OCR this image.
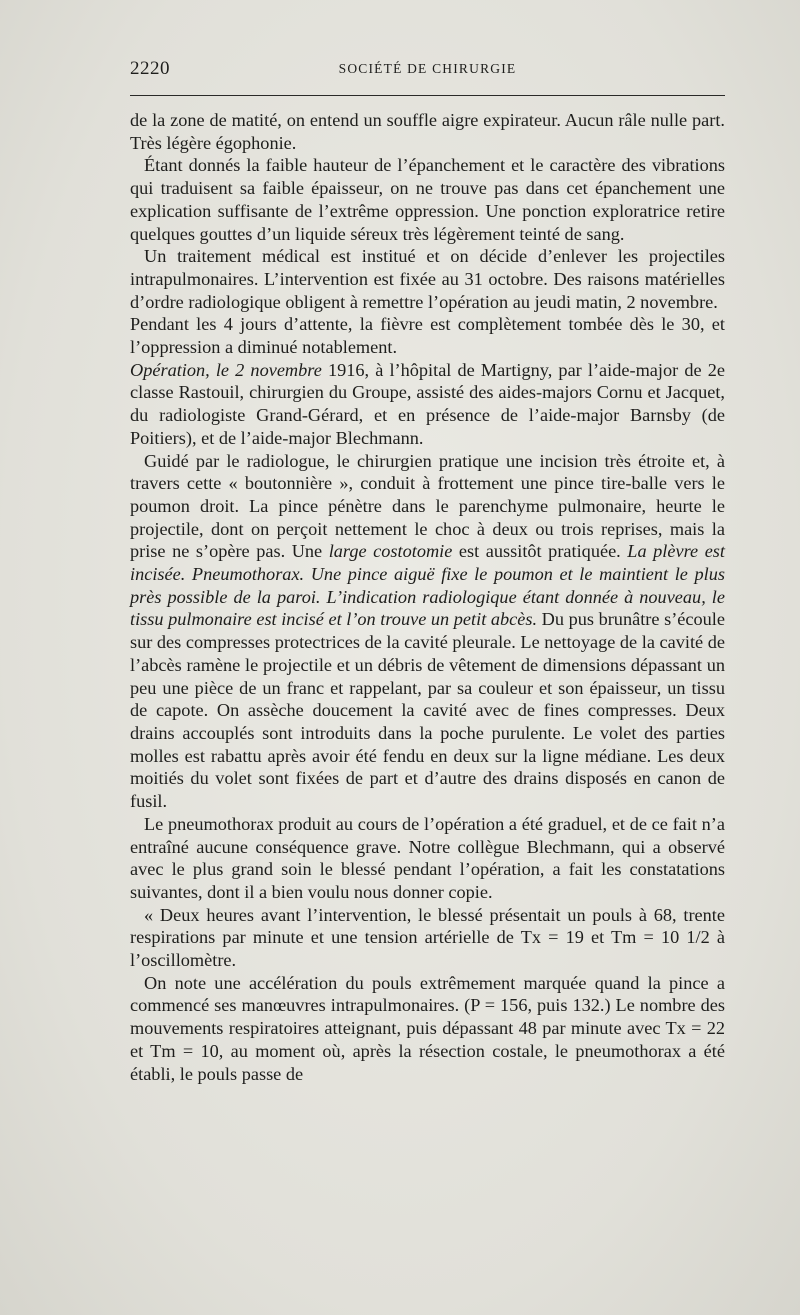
2220	SOCIÉTÉ DE CHIRURGIE

de la zone de matité, on entend un souffle aigre expirateur. Aucun râle nulle part. Très légère égophonie.

Étant donnés la faible hauteur de l’épanchement et le caractère des vibrations qui traduisent sa faible épaisseur, on ne trouve pas dans cet épanchement une explication suffisante de l’extrême oppression. Une ponction exploratrice retire quelques gouttes d’un liquide séreux très légèrement teinté de sang.

Un traitement médical est institué et on décide d’enlever les projectiles intrapulmonaires. L’intervention est fixée au 31 octobre. Des raisons matérielles d’ordre radiologique obligent à remettre l’opération au jeudi matin, 2 novembre.

Pendant les 4 jours d’attente, la fièvre est complètement tombée dès le 30, et l’oppression a diminué notablement.

Opération, le 2 novembre 1916, à l’hôpital de Martigny, par l’aide-major de 2e classe Rastouil, chirurgien du Groupe, assisté des aides-majors Cornu et Jacquet, du radiologiste Grand-Gérard, et en présence de l’aide-major Barnsby (de Poitiers), et de l’aide-major Blechmann.

Guidé par le radiologue, le chirurgien pratique une incision très étroite et, à travers cette « boutonnière », conduit à frottement une pince tire-balle vers le poumon droit. La pince pénètre dans le parenchyme pulmonaire, heurte le projectile, dont on perçoit nettement le choc à deux ou trois reprises, mais la prise ne s’opère pas. Une large costotomie est aussitôt pratiquée. La plèvre est incisée. Pneumothorax. Une pince aiguë fixe le poumon et le maintient le plus près possible de la paroi. L’indication radiologique étant donnée à nouveau, le tissu pulmonaire est incisé et l’on trouve un petit abcès. Du pus brunâtre s’écoule sur des compresses protectrices de la cavité pleurale. Le nettoyage de la cavité de l’abcès ramène le projectile et un débris de vêtement de dimensions dépassant un peu une pièce de un franc et rappelant, par sa couleur et son épaisseur, un tissu de capote. On assèche doucement la cavité avec de fines compresses. Deux drains accouplés sont introduits dans la poche purulente. Le volet des parties molles est rabattu après avoir été fendu en deux sur la ligne médiane. Les deux moitiés du volet sont fixées de part et d’autre des drains disposés en canon de fusil.

Le pneumothorax produit au cours de l’opération a été graduel, et de ce fait n’a entraîné aucune conséquence grave. Notre collègue Blechmann, qui a observé avec le plus grand soin le blessé pendant l’opération, a fait les constatations suivantes, dont il a bien voulu nous donner copie.

« Deux heures avant l’intervention, le blessé présentait un pouls à 68, trente respirations par minute et une tension artérielle de Tx = 19 et Tm = 10 1/2 à l’oscillomètre.

On note une accélération du pouls extrêmement marquée quand la pince a commencé ses manœuvres intrapulmonaires. (P = 156, puis 132.) Le nombre des mouvements respiratoires atteignant, puis dépassant 48 par minute avec Tx = 22 et Tm = 10, au moment où, après la résection costale, le pneumothorax a été établi, le pouls passe de
